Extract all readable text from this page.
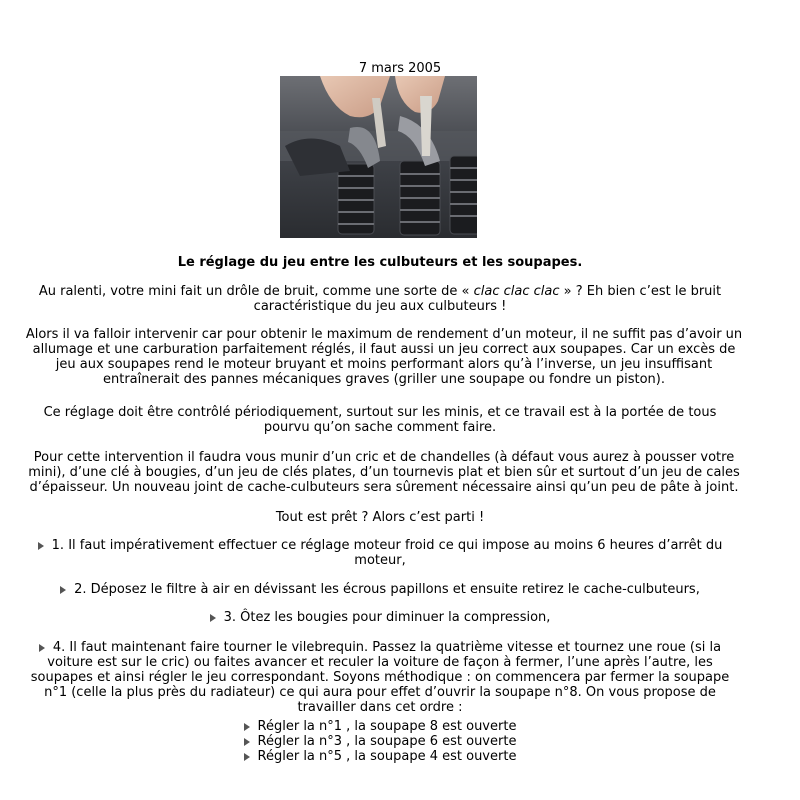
7 mars 2005
Le réglage du jeu entre les culbuteurs et les soupapes.
Au ralenti, votre mini fait un drôle de bruit, comme une sorte de « clac clac clac » ? Eh bien c’est le bruit
caractéristique du jeu aux culbuteurs !
Alors il va falloir intervenir car pour obtenir le maximum de rendement d’un moteur, il ne suffit pas d’avoir un
allumage et une carburation parfaitement réglés, il faut aussi un jeu correct aux soupapes. Car un excès de
jeu aux soupapes rend le moteur bruyant et moins performant alors qu’à l’inverse, un jeu insuffisant
entraînerait des pannes mécaniques graves (griller une soupape ou fondre un piston).
Ce réglage doit être contrôlé périodiquement, surtout sur les minis, et ce travail est à la portée de tous
pourvu qu’on sache comment faire.
Pour cette intervention il faudra vous munir d’un cric et de chandelles (à défaut vous aurez à pousser votre
mini), d’une clé à bougies, d’un jeu de clés plates, d’un tournevis plat et bien sûr et surtout d’un jeu de cales
d’épaisseur. Un nouveau joint de cache-culbuteurs sera sûrement nécessaire ainsi qu’un peu de pâte à joint.
Tout est prêt ? Alors c’est parti !
1. Il faut impérativement effectuer ce réglage moteur froid ce qui impose au moins 6 heures d’arrêt du
moteur,
2. Déposez le filtre à air en dévissant les écrous papillons et ensuite retirez le cache-culbuteurs,
3. Ôtez les bougies pour diminuer la compression,
4. Il faut maintenant faire tourner le vilebrequin. Passez la quatrième vitesse et tournez une roue (si la
voiture est sur le cric) ou faites avancer et reculer la voiture de façon à fermer, l’une après l’autre, les
soupapes et ainsi régler le jeu correspondant. Soyons méthodique : on commencera par fermer la soupape
n°1 (celle la plus près du radiateur) ce qui aura pour effet d’ouvrir la soupape n°8. On vous propose de
travailler dans cet ordre :
Régler la n°1 , la soupape 8 est ouverte
Régler la n°3 , la soupape 6 est ouverte
Régler la n°5 , la soupape 4 est ouverte
